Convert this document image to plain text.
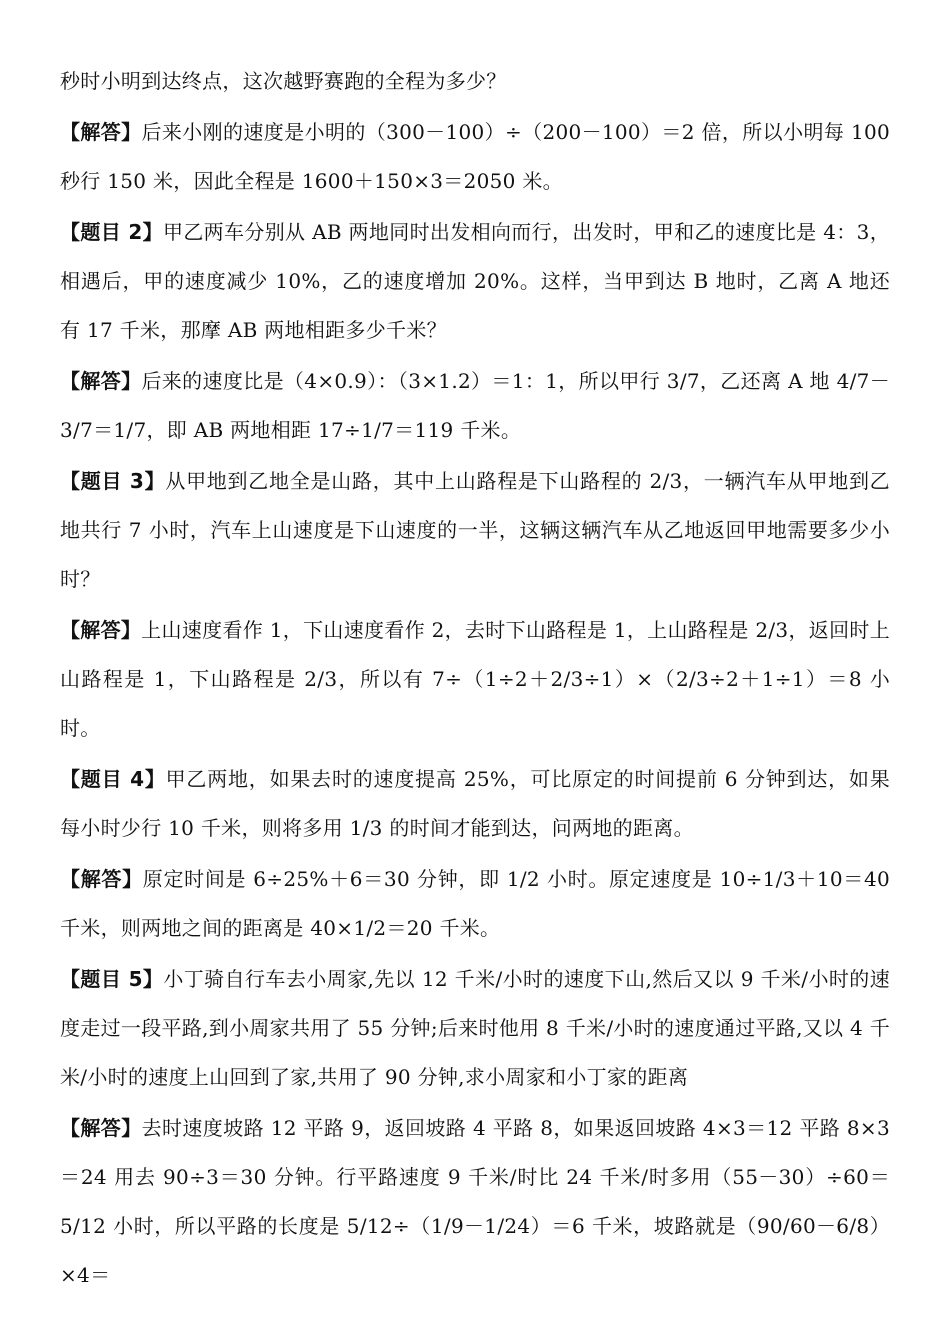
秒时小明到达终点，这次越野赛跑的全程为多少？

【解答】后来小刚的速度是小明的（300－100）÷（200－100）＝2 倍，所以小明每 100 秒行 150 米，因此全程是 1600＋150×3＝2050 米。

【题目 2】甲乙两车分别从 AB 两地同时出发相向而行，出发时，甲和乙的速度比是 4：3，相遇后，甲的速度减少 10%，乙的速度增加 20%。这样，当甲到达 B 地时，乙离 A 地还有 17 千米，那摩 AB 两地相距多少千米？

【解答】后来的速度比是（4×0.9）：（3×1.2）＝1：1，所以甲行 3/7，乙还离 A 地 4/7－3/7＝1/7，即 AB 两地相距 17÷1/7＝119 千米。

【题目 3】从甲地到乙地全是山路，其中上山路程是下山路程的 2/3，一辆汽车从甲地到乙地共行 7 小时，汽车上山速度是下山速度的一半，这辆这辆汽车从乙地返回甲地需要多少小时？

【解答】上山速度看作 1，下山速度看作 2，去时下山路程是 1，上山路程是 2/3，返回时上山路程是 1，下山路程是 2/3，所以有 7÷（1÷2＋2/3÷1）×（2/3÷2＋1÷1）＝8 小时。

【题目 4】甲乙两地，如果去时的速度提高 25%，可比原定的时间提前 6 分钟到达，如果每小时少行 10 千米，则将多用 1/3 的时间才能到达，问两地的距离。

【解答】原定时间是 6÷25%＋6＝30 分钟，即 1/2 小时。原定速度是 10÷1/3＋10＝40 千米，则两地之间的距离是 40×1/2＝20 千米。

【题目 5】小丁骑自行车去小周家,先以 12 千米/小时的速度下山,然后又以 9 千米/小时的速度走过一段平路,到小周家共用了 55 分钟;后来时他用 8 千米/小时的速度通过平路,又以 4 千米/小时的速度上山回到了家,共用了 90 分钟,求小周家和小丁家的距离

【解答】去时速度坡路 12 平路 9，返回坡路 4 平路 8，如果返回坡路 4×3＝12 平路 8×3＝24 用去 90÷3＝30 分钟。行平路速度 9 千米/时比 24 千米/时多用（55－30）÷60＝5/12 小时，所以平路的长度是 5/12÷（1/9－1/24）＝6 千米，坡路就是（90/60－6/8）×4＝
